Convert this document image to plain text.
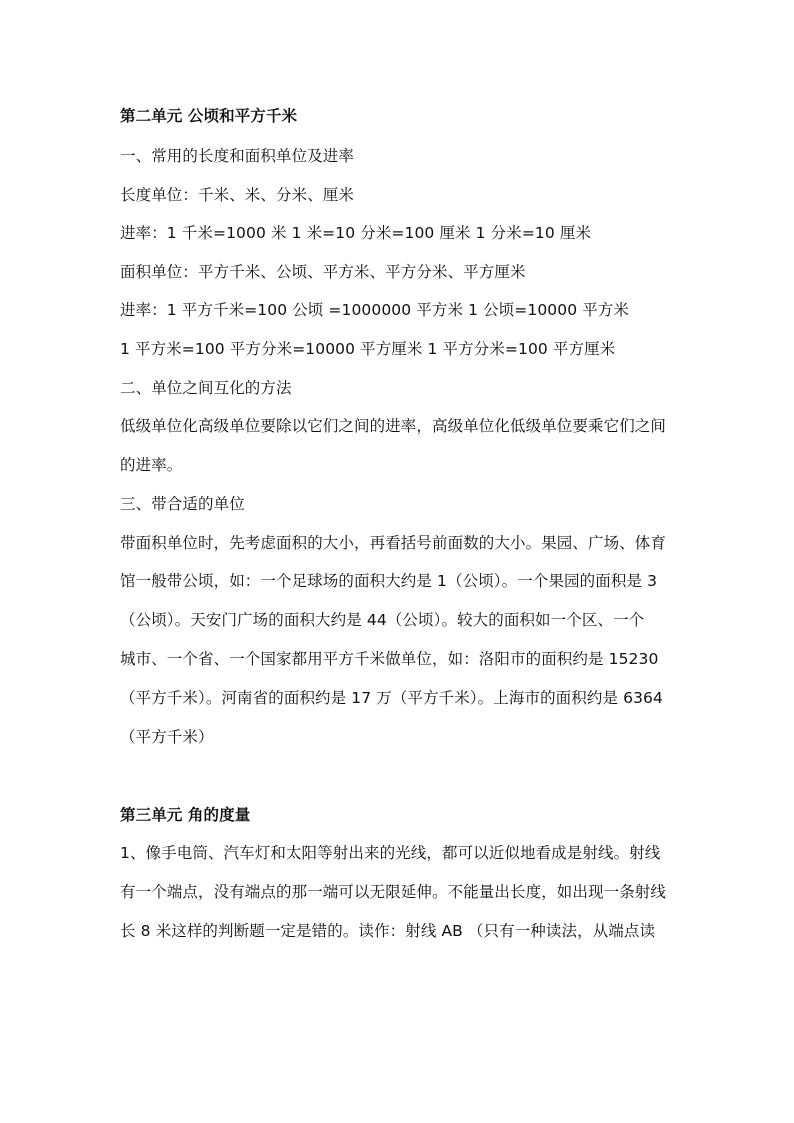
第二单元 公顷和平方千米
一、常用的长度和面积单位及进率
长度单位：千米、米、分米、厘米
进率：1 千米=1000 米 1 米=10 分米=100 厘米 1 分米=10 厘米
面积单位：平方千米、公顷、平方米、平方分米、平方厘米
进率：1 平方千米=100 公顷 =1000000 平方米 1 公顷=10000 平方米
1 平方米=100 平方分米=10000 平方厘米 1 平方分米=100 平方厘米
二、单位之间互化的方法
低级单位化高级单位要除以它们之间的进率，高级单位化低级单位要乘它们之间
的进率。
三、带合适的单位
带面积单位时，先考虑面积的大小，再看括号前面数的大小。果园、广场、体育
馆一般带公顷，如：一个足球场的面积大约是 1（公顷）。一个果园的面积是 3
（公顷）。天安门广场的面积大约是 44（公顷）。较大的面积如一个区、一个
城市、一个省、一个国家都用平方千米做单位，如：洛阳市的面积约是 15230
（平方千米）。河南省的面积约是 17 万（平方千米）。上海市的面积约是 6364
（平方千米）
第三单元 角的度量
1、像手电筒、汽车灯和太阳等射出来的光线，都可以近似地看成是射线。射线
有一个端点，没有端点的那一端可以无限延伸。不能量出长度，如出现一条射线
长 8 米这样的判断题一定是错的。读作：射线 AB （只有一种读法，从端点读
